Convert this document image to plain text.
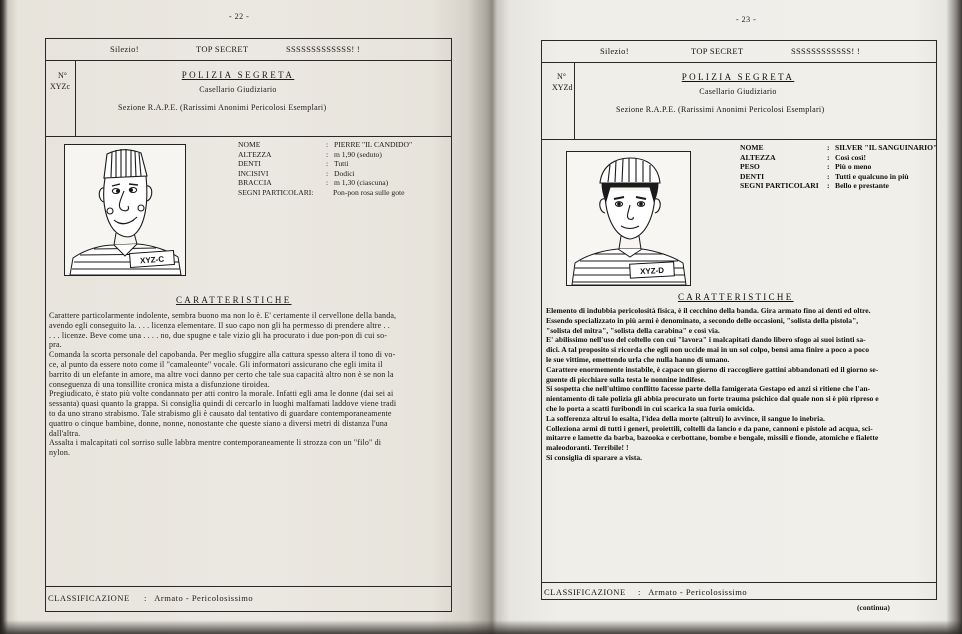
- 22 -
Silezio!	TOP SECRET	SSSSSSSSSSSSS! !
N°
XYZc
POLIZIA SEGRETA
Casellario Giudiziario
Sezione R.A.P.E. (Rarissimi Anonimi Pericolosi Esemplari)
XYZ-C
NOME	: PIERRE "IL CANDIDO"
ALTEZZA	: m 1,90 (seduto)
DENTI	: Tutti
INCISIVI	: Dodici
BRACCIA	: m 1,30 (ciascuna)
SEGNI PARTICOLARI:	Pon-pon rosa sulle gote
CARATTERISTICHE
Carattere particolarmente indolente, sembra buono ma non lo è. E' certamente il cervellone della banda,
avendo egli conseguito la. . . . licenza elementare. Il suo capo non gli ha permesso di prendere altre . .
. . . licenze. Beve come una . . . . no, due spugne e tale vizio gli ha procurato i due pon-pon di cui so-
pra.
Comanda la scorta personale del capobanda. Per meglio sfuggire alla cattura spesso altera il tono di vo-
ce, al punto da essere noto come il "camaleonte" vocale. Gli informatori assicurano che egli imita il
barrito di un elefante in amore, ma altre voci danno per certo che tale sua capacità altro non è se non la
conseguenza di una tonsillite cronica mista a disfunzione tiroidea.
Pregiudicato, è stato più volte condannato per atti contro la morale. Infatti egli ama le donne (dai sei ai
sessanta) quasi quanto la grappa. Si consiglia quindi di cercarlo in luoghi malfamati laddove viene tradi
to da uno strano strabismo. Tale strabismo gli è causato dal tentativo di guardare contemporaneamente
quattro o cinque bambine, donne, nonne, nonostante che queste siano a diversi metri di distanza l'una
dall'altra.
Assalta i malcapitati col sorriso sulle labbra mentre contemporaneamente li strozza con un "filo" di
nylon.
CLASSIFICAZIONE :   Armato - Pericolosissimo
- 23 -
Silezio!	TOP SECRET	SSSSSSSSSSSS! !
N°
XYZd
POLIZIA SEGRETA
Casellario Giudiziario
Sezione R.A.P.E. (Rarissimi Anonimi Pericolosi Esemplari)
XYZ-D
NOME	: SILVER "IL SANGUINARIO"
ALTEZZA	: Così così!
PESO	: Più o meno
DENTI	: Tutti e qualcuno in più
SEGNI PARTICOLARI : Bello e prestante
CARATTERISTICHE
Elemento di indubbia pericolosità fisica, è il cecchino della banda. Gira armato fino ai denti ed oltre.
Essendo specializzato in più armi è denominato, a secondo delle occasioni, "solista della pistola",
"solista del mitra", "solista della carabina" e così via.
E' abilissimo nell'uso del coltello con cui "lavora" i malcapitati dando libero sfogo ai suoi istinti sa-
dici. A tal proposito si ricorda che egli non uccide mai in un sol colpo, bensì ama finire a poco a poco
le sue vittime, emettendo urla che nulla hanno di umano.
Carattere enormemente instabile, è capace un giorno di raccogliere gattini abbandonati ed il giorno se-
guente di picchiare sulla testa le nonnine indifese.
Si sospetta che nell'ultimo conflitto facesse parte della famigerata Gestapo ed anzi si ritiene che l'an-
nientamento di tale polizia gli abbia procurato un forte trauma psichico dal quale non si è più ripreso e
che lo porta a scatti furibondi in cui scarica la sua furia omicida.
La sofferenza altrui lo esalta, l'idea della morte (altrui) lo avvince, il sangue lo inebria.
Colleziona armi di tutti i generi, proiettili, coltelli da lancio e da pane, cannoni e pistole ad acqua, sci-
mitarre e lamette da barba, bazooka e cerbottane, bombe e bengale, missili e fionde, atomiche e fialette
maleodoranti. Terribile! !
Si consiglia di sparare a vista.
CLASSIFICAZIONE :   Armato - Pericolosissimo
(continua)
